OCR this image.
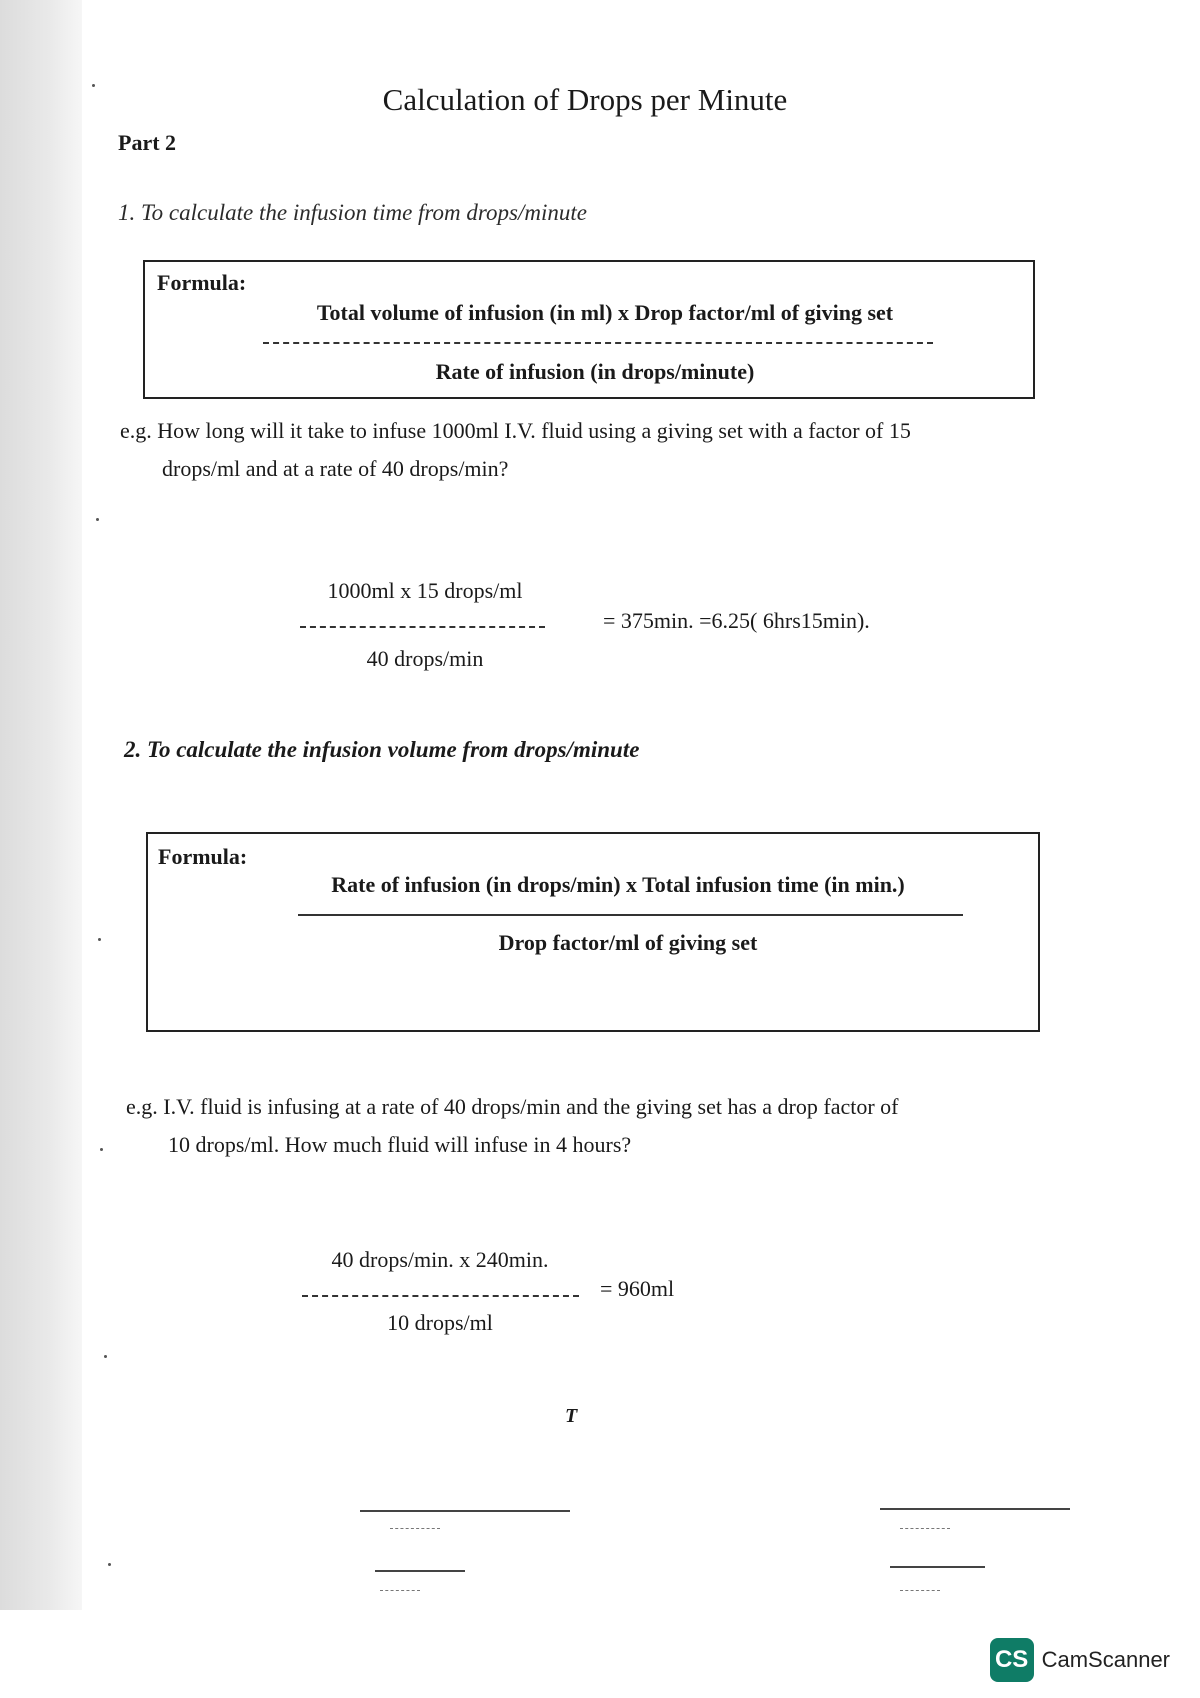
Calculation of Drops per Minute
Part 2
1. To calculate the infusion time from drops/minute
Formula:
Total volume of infusion (in ml) x Drop factor/ml of giving set
Rate of infusion (in drops/minute)
e.g. How long will it take to infuse 1000ml I.V. fluid using a giving set with a factor of 15
drops/ml and at a rate of 40 drops/min?
1000ml x 15 drops/ml
40 drops/min
= 375min. =6.25( 6hrs15min).
2. To calculate the infusion volume from drops/minute
Formula:
Rate of infusion (in drops/min) x Total infusion time (in min.)
Drop factor/ml of giving set
e.g. I.V. fluid is infusing at a rate of 40 drops/min and the giving set has a drop factor of
10 drops/ml. How much fluid will infuse in 4 hours?
40 drops/min. x 240min.
10 drops/ml
= 960ml
T
CS CamScanner
